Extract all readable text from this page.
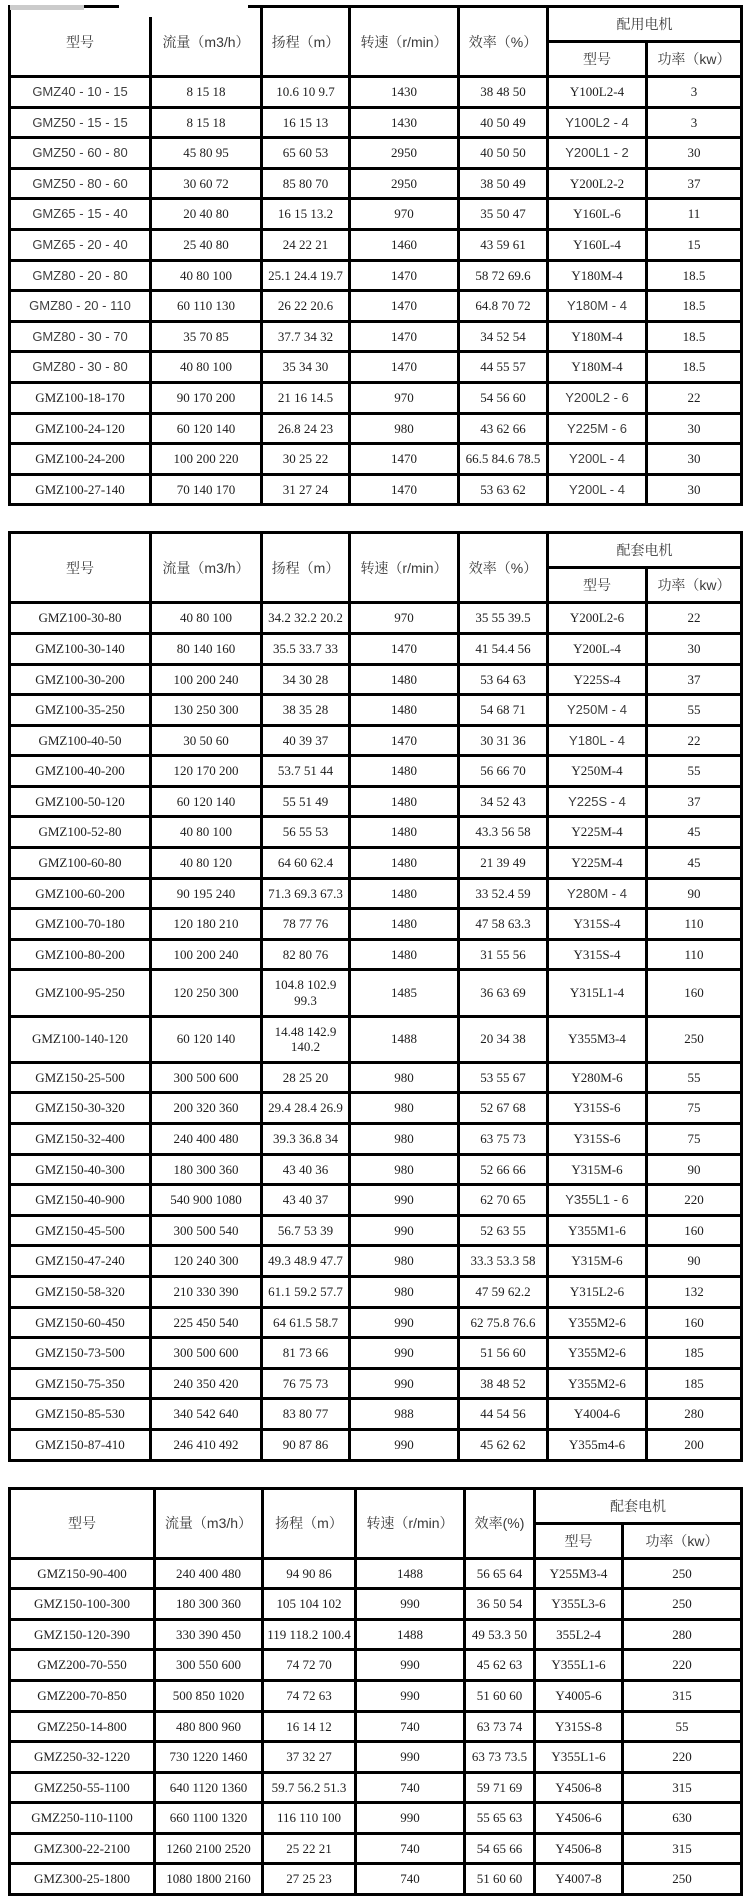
型号	流量（m3/h）	扬程（m）	转速（r/min）	效率（%）	配用电机	
					型号	功率（kw）
GMZ40 - 10 - 15	8 15 18	10.6 10 9.7	1430	38 48 50	Y100L2-4	3
GMZ50 - 15 - 15	8 15 18	16 15 13	1430	40 50 49	Y100L2 - 4	3
GMZ50 - 60 - 80	45 80 95	65 60 53	2950	40 50 50	Y200L1 - 2	30
GMZ50 - 80 - 60	30 60 72	85 80 70	2950	38 50 49	Y200L2-2	37
GMZ65 - 15 - 40	20 40 80	16 15 13.2	970	35 50 47	Y160L-6	11
GMZ65 - 20 - 40	25 40 80	24 22 21	1460	43 59 61	Y160L-4	15
GMZ80 - 20 - 80	40 80 100	25.1 24.4 19.7	1470	58 72 69.6	Y180M-4	18.5
GMZ80 - 20 - 110	60 110 130	26 22 20.6	1470	64.8 70 72	Y180M - 4	18.5
GMZ80 - 30 - 70	35 70 85	37.7 34 32	1470	34 52 54	Y180M-4	18.5
GMZ80 - 30 - 80	40 80 100	35 34 30	1470	44 55 57	Y180M-4	18.5
GMZ100-18-170	90 170 200	21 16 14.5	970	54 56 60	Y200L2 - 6	22
GMZ100-24-120	60 120 140	26.8 24 23	980	43 62 66	Y225M - 6	30
GMZ100-24-200	100 200 220	30 25 22	1470	66.5 84.6 78.5	Y200L - 4	30
GMZ100-27-140	70 140 170	31 27 24	1470	53 63 62	Y200L - 4	30
型号	流量（m3/h）	扬程（m）	转速（r/min）	效率（%）	配套电机	
					型号	功率（kw）
GMZ100-30-80	40 80 100	34.2 32.2 20.2	970	35 55 39.5	Y200L2-6	22
GMZ100-30-140	80 140 160	35.5 33.7 33	1470	41 54.4 56	Y200L-4	30
GMZ100-30-200	100 200 240	34 30 28	1480	53 64 63	Y225S-4	37
GMZ100-35-250	130 250 300	38 35 28	1480	54 68 71	Y250M - 4	55
GMZ100-40-50	30 50 60	40 39 37	1470	30 31 36	Y180L - 4	22
GMZ100-40-200	120 170 200	53.7 51 44	1480	56 66 70	Y250M-4	55
GMZ100-50-120	60 120 140	55 51 49	1480	34 52 43	Y225S - 4	37
GMZ100-52-80	40 80 100	56 55 53	1480	43.3 56 58	Y225M-4	45
GMZ100-60-80	40 80 120	64 60 62.4	1480	21 39 49	Y225M-4	45
GMZ100-60-200	90 195 240	71.3 69.3 67.3	1480	33 52.4 59	Y280M - 4	90
GMZ100-70-180	120 180 210	78 77 76	1480	47 58 63.3	Y315S-4	110
GMZ100-80-200	100 200 240	82 80 76	1480	31 55 56	Y315S-4	110
GMZ100-95-250	120 250 300	104.8 102.9 99.3	1485	36 63 69	Y315L1-4	160
GMZ100-140-120	60 120 140	14.48 142.9 140.2	1488	20 34 38	Y355M3-4	250
GMZ150-25-500	300 500 600	28 25 20	980	53 55 67	Y280M-6	55
GMZ150-30-320	200 320 360	29.4 28.4 26.9	980	52 67 68	Y315S-6	75
GMZ150-32-400	240 400 480	39.3 36.8 34	980	63 75 73	Y315S-6	75
GMZ150-40-300	180 300 360	43 40 36	980	52 66 66	Y315M-6	90
GMZ150-40-900	540 900 1080	43 40 37	990	62 70 65	Y355L1 - 6	220
GMZ150-45-500	300 500 540	56.7 53 39	990	52 63 55	Y355M1-6	160
GMZ150-47-240	120 240 300	49.3 48.9 47.7	980	33.3 53.3 58	Y315M-6	90
GMZ150-58-320	210 330 390	61.1 59.2 57.7	980	47 59 62.2	Y315L2-6	132
GMZ150-60-450	225 450 540	64 61.5 58.7	990	62 75.8 76.6	Y355M2-6	160
GMZ150-73-500	300 500 600	81 73 66	990	51 56 60	Y355M2-6	185
GMZ150-75-350	240 350 420	76 75 73	990	38 48 52	Y355M2-6	185
GMZ150-85-530	340 542 640	83 80 77	988	44 54 56	Y4004-6	280
GMZ150-87-410	246 410 492	90 87 86	990	45 62 62	Y355m4-6	200
型号	流量（m3/h）	扬程（m）	转速（r/min）	效率(%)	配套电机	
					型号	功率（kw）
GMZ150-90-400	240 400 480	94 90 86	1488	56 65 64	Y255M3-4	250
GMZ150-100-300	180 300 360	105 104 102	990	36 50 54	Y355L3-6	250
GMZ150-120-390	330 390 450	119 118.2 100.4	1488	49 53.3 50	355L2-4	280
GMZ200-70-550	300 550 600	74 72 70	990	45 62 63	Y355L1-6	220
GMZ200-70-850	500 850 1020	74 72 63	990	51 60 60	Y4005-6	315
GMZ250-14-800	480 800 960	16 14 12	740	63 73 74	Y315S-8	55
GMZ250-32-1220	730 1220 1460	37 32 27	990	63 73 73.5	Y355L1-6	220
GMZ250-55-1100	640 1120 1360	59.7 56.2 51.3	740	59 71 69	Y4506-8	315
GMZ250-110-1100	660 1100 1320	116 110 100	990	55 65 63	Y4506-6	630
GMZ300-22-2100	1260 2100 2520	25 22 21	740	54 65 66	Y4506-8	315
GMZ300-25-1800	1080 1800 2160	27 25 23	740	51 60 60	Y4007-8	250
